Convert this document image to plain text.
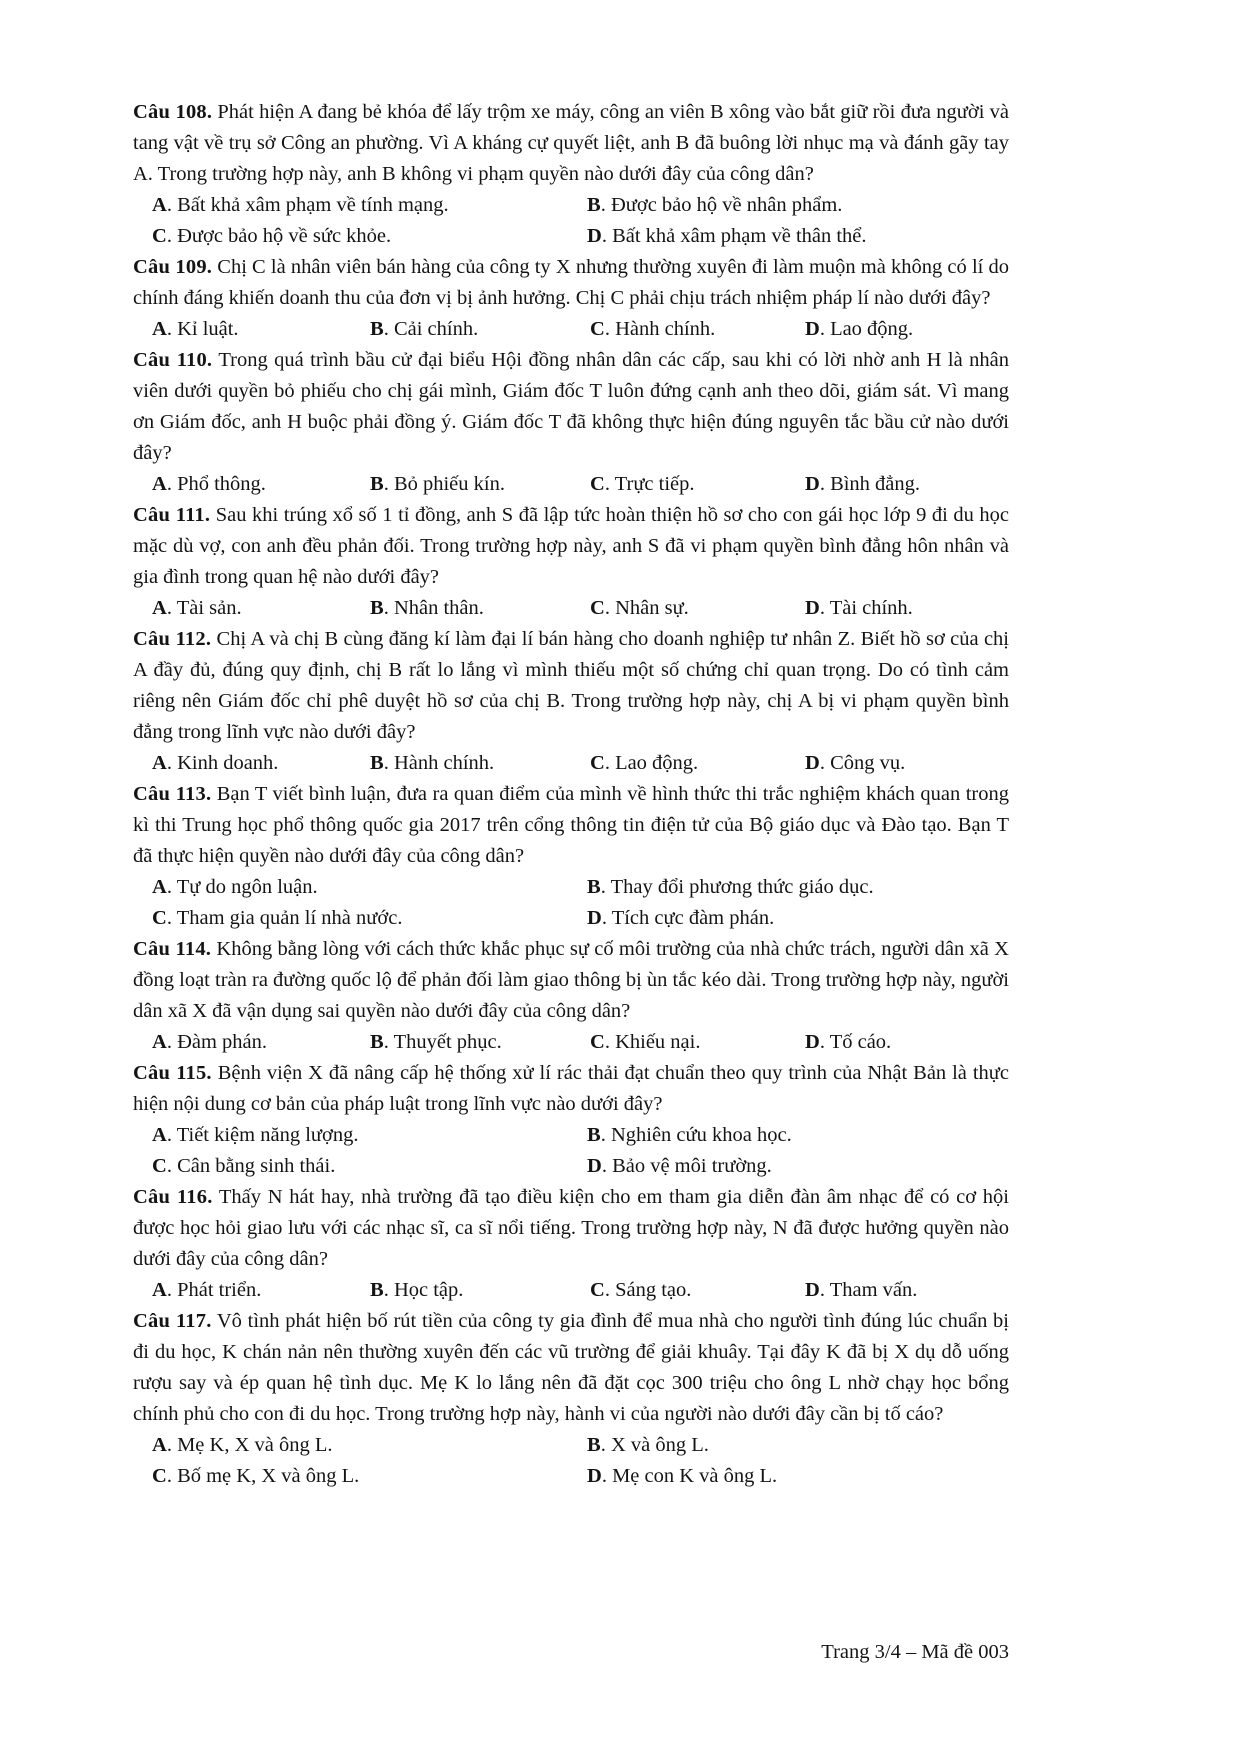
Câu 108. Phát hiện A đang bẻ khóa để lấy trộm xe máy, công an viên B xông vào bắt giữ rồi đưa người và tang vật về trụ sở Công an phường. Vì A kháng cự quyết liệt, anh B đã buông lời nhục mạ và đánh gãy tay A. Trong trường hợp này, anh B không vi phạm quyền nào dưới đây của công dân?

A. Bất khả xâm phạm về tính mạng.	B. Được bảo hộ về nhân phẩm.
C. Được bảo hộ về sức khỏe.	D. Bất khả xâm phạm về thân thể.

Câu 109. Chị C là nhân viên bán hàng của công ty X nhưng thường xuyên đi làm muộn mà không có lí do chính đáng khiến doanh thu của đơn vị bị ảnh hưởng. Chị C phải chịu trách nhiệm pháp lí nào dưới đây?

A. Kỉ luật.	B. Cải chính.	C. Hành chính.	D. Lao động.

Câu 110. Trong quá trình bầu cử đại biểu Hội đồng nhân dân các cấp, sau khi có lời nhờ anh H là nhân viên dưới quyền bỏ phiếu cho chị gái mình, Giám đốc T luôn đứng cạnh anh theo dõi, giám sát. Vì mang ơn Giám đốc, anh H buộc phải đồng ý. Giám đốc T đã không thực hiện đúng nguyên tắc bầu cử nào dưới đây?

A. Phổ thông.	B. Bỏ phiếu kín.	C. Trực tiếp.	D. Bình đẳng.

Câu 111. Sau khi trúng xổ số 1 tỉ đồng, anh S đã lập tức hoàn thiện hồ sơ cho con gái học lớp 9 đi du học mặc dù vợ, con anh đều phản đối. Trong trường hợp này, anh S đã vi phạm quyền bình đẳng hôn nhân và gia đình trong quan hệ nào dưới đây?

A. Tài sản.	B. Nhân thân.	C. Nhân sự.	D. Tài chính.

Câu 112. Chị A và chị B cùng đăng kí làm đại lí bán hàng cho doanh nghiệp tư nhân Z. Biết hồ sơ của chị A đầy đủ, đúng quy định, chị B rất lo lắng vì mình thiếu một số chứng chỉ quan trọng. Do có tình cảm riêng nên Giám đốc chỉ phê duyệt hồ sơ của chị B. Trong trường hợp này, chị A bị vi phạm quyền bình đẳng trong lĩnh vực nào dưới đây?

A. Kinh doanh.	B. Hành chính.	C. Lao động.	D. Công vụ.

Câu 113. Bạn T viết bình luận, đưa ra quan điểm của mình về hình thức thi trắc nghiệm khách quan trong kì thi Trung học phổ thông quốc gia 2017 trên cổng thông tin điện tử của Bộ giáo dục và Đào tạo. Bạn T đã thực hiện quyền nào dưới đây của công dân?

A. Tự do ngôn luận.	B. Thay đổi phương thức giáo dục.
C. Tham gia quản lí nhà nước.	D. Tích cực đàm phán.

Câu 114. Không bằng lòng với cách thức khắc phục sự cố môi trường của nhà chức trách, người dân xã X đồng loạt tràn ra đường quốc lộ để phản đối làm giao thông bị ùn tắc kéo dài. Trong trường hợp này, người dân xã X đã vận dụng sai quyền nào dưới đây của công dân?

A. Đàm phán.	B. Thuyết phục.	C. Khiếu nại.	D. Tố cáo.

Câu 115. Bệnh viện X đã nâng cấp hệ thống xử lí rác thải đạt chuẩn theo quy trình của Nhật Bản là thực hiện nội dung cơ bản của pháp luật trong lĩnh vực nào dưới đây?

A. Tiết kiệm năng lượng.	B. Nghiên cứu khoa học.
C. Cân bằng sinh thái.	D. Bảo vệ môi trường.

Câu 116. Thấy N hát hay, nhà trường đã tạo điều kiện cho em tham gia diễn đàn âm nhạc để có cơ hội được học hỏi giao lưu với các nhạc sĩ, ca sĩ nổi tiếng. Trong trường hợp này, N đã được hưởng quyền nào dưới đây của công dân?

A. Phát triển.	B. Học tập.	C. Sáng tạo.	D. Tham vấn.

Câu 117. Vô tình phát hiện bố rút tiền của công ty gia đình để mua nhà cho người tình đúng lúc chuẩn bị đi du học, K chán nản nên thường xuyên đến các vũ trường để giải khuây. Tại đây K đã bị X dụ dỗ uống rượu say và ép quan hệ tình dục. Mẹ K lo lắng nên đã đặt cọc 300 triệu cho ông L nhờ chạy học bổng chính phủ cho con đi du học. Trong trường hợp này, hành vi của người nào dưới đây cần bị tố cáo?

A. Mẹ K, X và ông L.	B. X và ông L.
C. Bố mẹ K, X và ông L.	D. Mẹ con K và ông L.
Trang 3/4 – Mã đề 003
